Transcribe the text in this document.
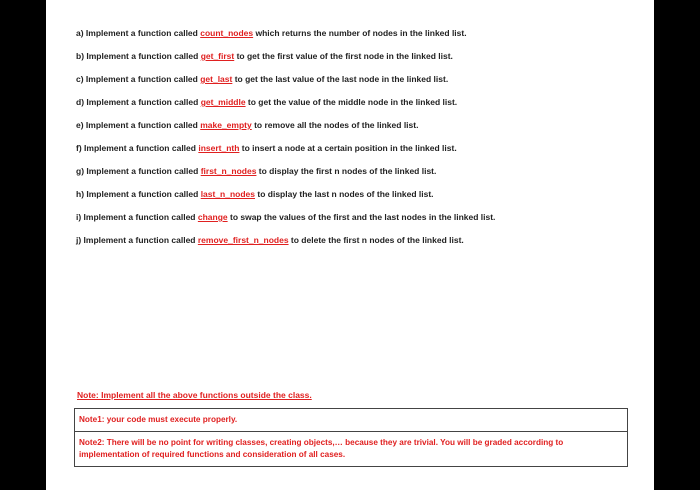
a) Implement a function called count_nodes which returns the number of nodes in the linked list.
b) Implement a function called get_first to get the first value of the first node in the linked list.
c) Implement a function called get_last to get the last value of the last node in the linked list.
d) Implement a function called get_middle to get the value of the middle node in the linked list.
e) Implement a function called make_empty to remove all the nodes of the linked list.
f) Implement a function called insert_nth to insert a node at a certain position in the linked list.
g) Implement a function called first_n_nodes to display the first n nodes of the linked list.
h) Implement a function called last_n_nodes to display the last n nodes of the linked list.
i) Implement a function called change to swap the values of the first and the last nodes in the linked list.
j) Implement a function called remove_first_n_nodes to delete the first n nodes of the linked list.
Note: Implement all the above functions outside the class.
Note1: your code must execute properly.
Note2: There will be no point for writing classes, creating objects,… because they are trivial. You will be graded according to implementation of required functions and consideration of all cases.
